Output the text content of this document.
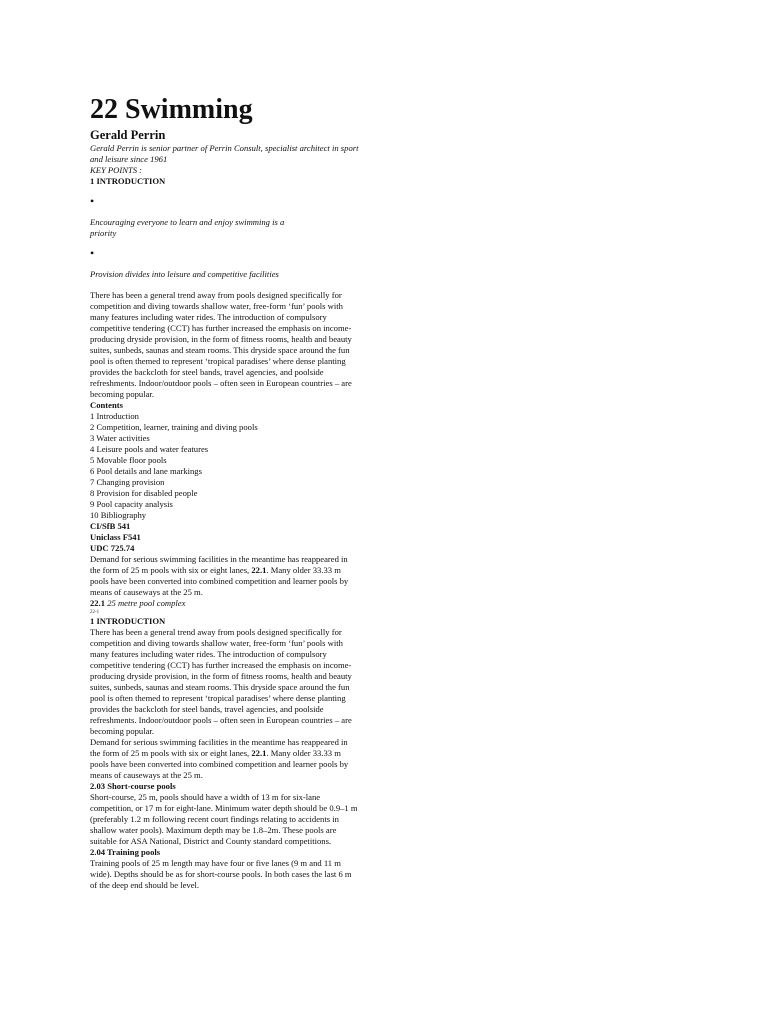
22 Swimming
Gerald Perrin
Gerald Perrin is senior partner of Perrin Consult, specialist architect in sport and leisure since 1961
KEY POINTS :
1 INTRODUCTION
•
Encouraging everyone to learn and enjoy swimming is a priority
•
Provision divides into leisure and competitive facilities

There has been a general trend away from pools designed specifically for competition and diving towards shallow water, free-form ‘fun’ pools with many features including water rides. The introduction of compulsory competitive tendering (CCT) has further increased the emphasis on income-producing dryside provision, in the form of fitness rooms, health and beauty suites, sunbeds, saunas and steam rooms. This dryside space around the fun pool is often themed to represent ‘tropical paradises’ where dense planting provides the backcloth for steel bands, travel agencies, and poolside refreshments. Indoor/outdoor pools – often seen in European countries – are becoming popular.

Contents
1 Introduction
2 Competition, learner, training and diving pools
3 Water activities
4 Leisure pools and water features
5 Movable floor pools
6 Pool details and lane markings
7 Changing provision
8 Provision for disabled people
9 Pool capacity analysis
10 Bibliography
CI/SfB 541
Uniclass F541
UDC 725.74

Demand for serious swimming facilities in the meantime has reappeared in the form of 25 m pools with six or eight lanes, 22.1. Many older 33.33 m pools have been converted into combined competition and learner pools by means of causeways at the 25 m.

22.1 25 metre pool complex
22-1
1 INTRODUCTION

There has been a general trend away from pools designed specifically for competition and diving towards shallow water, free-form ‘fun’ pools with many features including water rides. The introduction of compulsory competitive tendering (CCT) has further increased the emphasis on income-producing dryside provision, in the form of fitness rooms, health and beauty suites, sunbeds, saunas and steam rooms. This dryside space around the fun pool is often themed to represent ‘tropical paradises’ where dense planting provides the backcloth for steel bands, travel agencies, and poolside refreshments. Indoor/outdoor pools – often seen in European countries – are becoming popular.

Demand for serious swimming facilities in the meantime has reappeared in the form of 25 m pools with six or eight lanes, 22.1. Many older 33.33 m pools have been converted into combined competition and learner pools by means of causeways at the 25 m.

2.03 Short-course pools

Short-course, 25 m, pools should have a width of 13 m for six-lane competition, or 17 m for eight-lane. Minimum water depth should be 0.9–1 m (preferably 1.2 m following recent court findings relating to accidents in shallow water pools). Maximum depth may be 1.8–2m. These pools are suitable for ASA National, District and County standard competitions.

2.04 Training pools

Training pools of 25 m length may have four or five lanes (9 m and 11 m wide). Depths should be as for short-course pools. In both cases the last 6 m of the deep end should be level.
